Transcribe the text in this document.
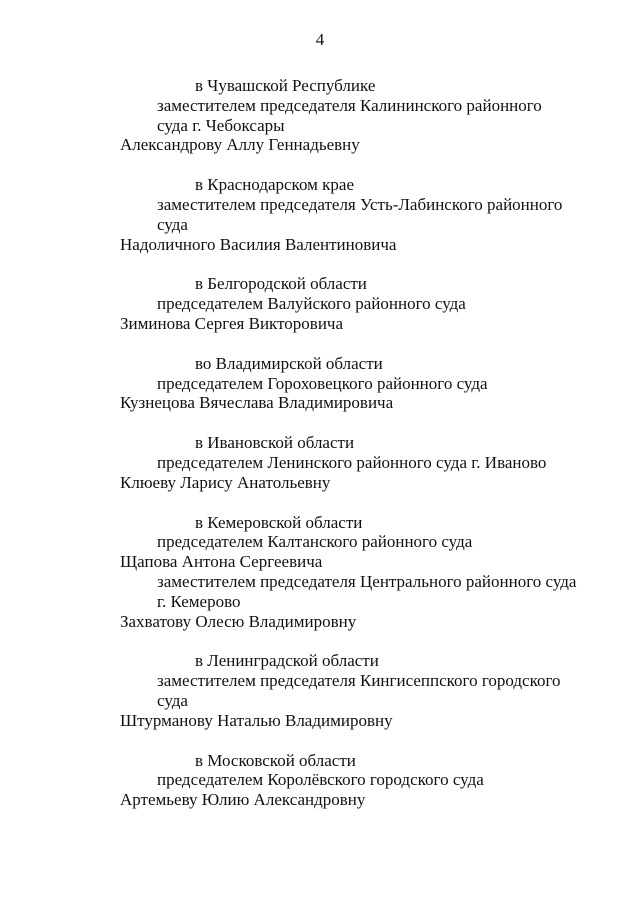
4
в Чувашской Республике
заместителем председателя Калининского районного
суда г. Чебоксары
Александрову Аллу Геннадьевну
в Краснодарском крае
заместителем председателя Усть-Лабинского районного
суда
Надоличного Василия Валентиновича
в Белгородской области
председателем Валуйского районного суда
Зиминова Сергея Викторовича
во Владимирской области
председателем Гороховецкого районного суда
Кузнецова Вячеслава Владимировича
в Ивановской области
председателем Ленинского районного суда г. Иваново
Клюеву Ларису Анатольевну
в Кемеровской области
председателем Калтанского районного суда
Щапова Антона Сергеевича
заместителем председателя Центрального районного суда
г. Кемерово
Захватову Олесю Владимировну
в Ленинградской области
заместителем председателя Кингисеппского городского
суда
Штурманову Наталью Владимировну
в Московской области
председателем Королёвского городского суда
Артемьеву Юлию Александровну
